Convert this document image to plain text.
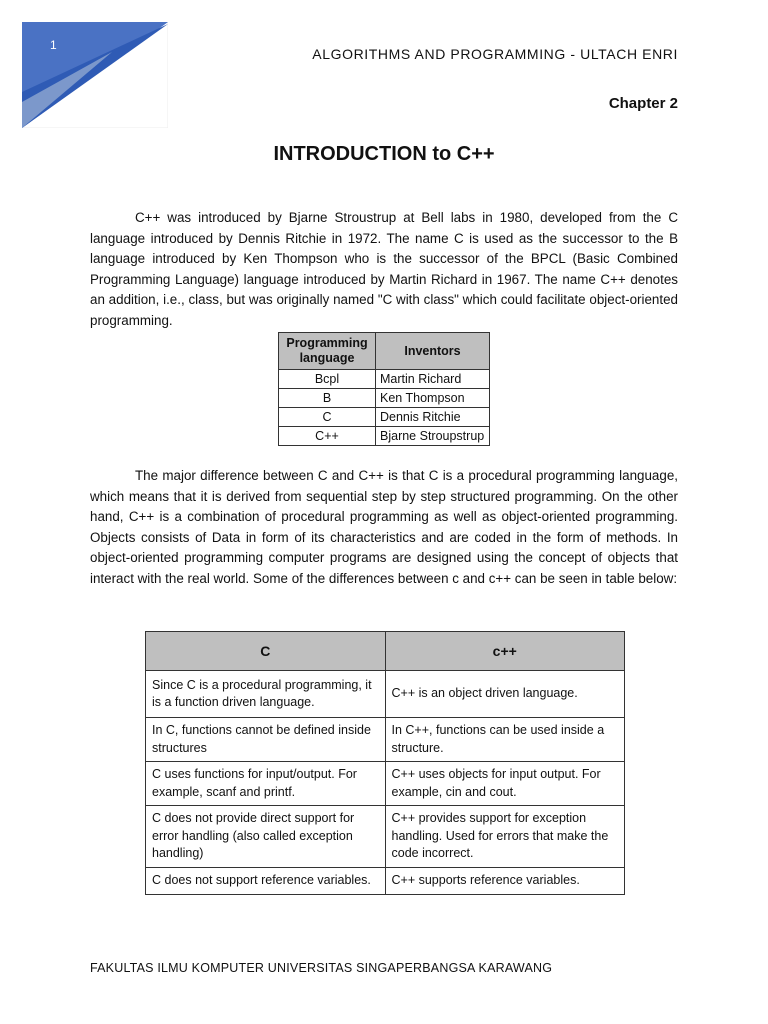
1
ALGORITHMS AND PROGRAMMING - ULTACH ENRI
Chapter 2
INTRODUCTION to C++

C++ was introduced by Bjarne Stroustrup at Bell labs in 1980, developed from the C language introduced by Dennis Ritchie in 1972. The name C is used as the successor to the B language introduced by Ken Thompson who is the successor of the BPCL (Basic Combined Programming Language) language introduced by Martin Richard in 1967. The name C++ denotes an addition, i.e., class, but was originally named "C with class" which could facilitate object-oriented programming.

Programming language	Inventors
Bcpl	Martin Richard
B	Ken Thompson
C	Dennis Ritchie
C++	Bjarne Stroupstrup

The major difference between C and C++ is that C is a procedural programming language, which means that it is derived from sequential step by step structured programming. On the other hand, C++ is a combination of procedural programming as well as object-oriented programming. Objects consists of Data in form of its characteristics and are coded in the form of methods. In object-oriented programming computer programs are designed using the concept of objects that interact with the real world. Some of the differences between c and c++ can be seen in table below:

C	c++
Since C is a procedural programming, it is a function driven language.	C++ is an object driven language.
In C, functions cannot be defined inside structures	In C++, functions can be used inside a structure.
C uses functions for input/output. For example, scanf and printf.	C++ uses objects for input output. For example, cin and cout.
C does not provide direct support for error handling (also called exception handling)	C++ provides support for exception handling. Used for errors that make the code incorrect.
C does not support reference variables.	C++ supports reference variables.
FAKULTAS ILMU KOMPUTER UNIVERSITAS SINGAPERBANGSA KARAWANG
